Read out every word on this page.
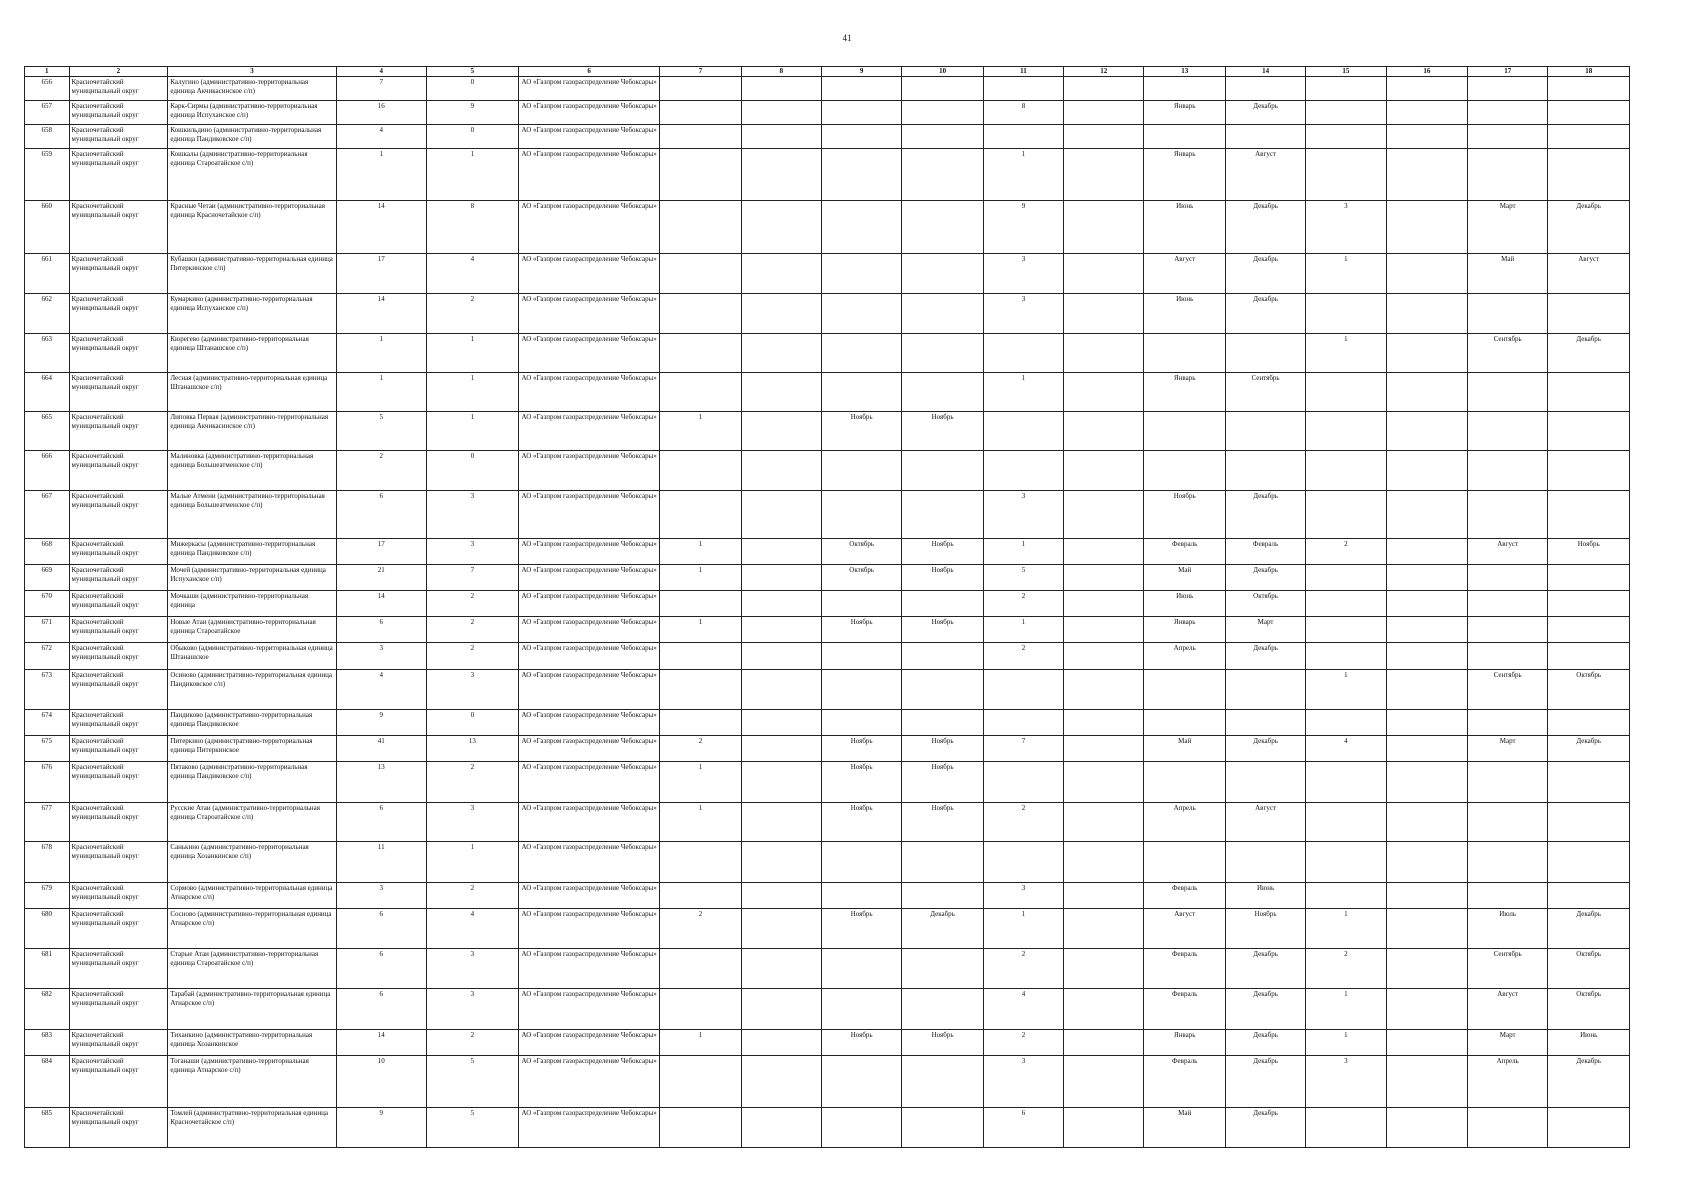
41
1	2	3	4	5	6	7	8	9	10	11	12	13	14	15	16	17	18
656	Красночетайский муниципальный округ	Калугино (административно-территориальная единица Акчикасинское с/п)	7	0	АО «Газпром газораспределение Чебоксары»												
657	Красночетайский муниципальный округ	Карк-Сирмы (административно-территориальная единица Испуханское с/п)	16	9	АО «Газпром газораспределение Чебоксары»					8		Январь	Декабрь				
658	Красночетайский муниципальный округ	Кошкильдино (административно-территориальная единица Пандиковское с/п)	4	0	АО «Газпром газораспределение Чебоксары»												
659	Красночетайский муниципальный округ	Кошкалы (административно-территориальная единица Староатайское с/п)	1	1	АО «Газпром газораспределение Чебоксары»					1		Январь	Август				
660	Красночетайский муниципальный округ	Красные Четаи (административно-территориальная единица Красночетайское с/п)	14	8	АО «Газпром газораспределение Чебоксары»					9		Июнь	Декабрь	3		Март	Декабрь
661	Красночетайский муниципальный округ	Кубашки (административно-территориальная единица Питеркинское с/п)	17	4	АО «Газпром газораспределение Чебоксары»					3		Август	Декабрь	1		Май	Август
662	Красночетайский муниципальный округ	Кумаркино (административно-территориальная единица Испуханское с/п)	14	2	АО «Газпром газораспределение Чебоксары»					3		Июнь	Декабрь				
663	Красночетайский муниципальный округ	Кюрегево (административно-территориальная единица Штанашское с/п)	1	1	АО «Газпром газораспределение Чебоксары»									1		Сентябрь	Декабрь
664	Красночетайский муниципальный округ	Лесная (административно-территориальная единица Штанашское с/п)	1	1	АО «Газпром газораспределение Чебоксары»					1		Январь	Сентябрь				
665	Красночетайский муниципальный округ	Липовка Первая (административно-территориальная единица Акчикасинское с/п)	5	1	АО «Газпром газораспределение Чебоксары»	1		Ноябрь	Ноябрь								
666	Красночетайский муниципальный округ	Малиновка (административно-территориальная единица Большеатменское с/п)	2	0	АО «Газпром газораспределение Чебоксары»												
667	Красночетайский муниципальный округ	Малые Атмени (административно-территориальная единица Большеатменское с/п)	6	3	АО «Газпром газораспределение Чебоксары»					3		Ноябрь	Декабрь				
668	Красночетайский муниципальный округ	Мижеркасы (административно-территориальная единица Пандиковское с/п)	17	3	АО «Газпром газораспределение Чебоксары»	1		Октябрь	Ноябрь	1		Февраль	Февраль	2		Август	Ноябрь
669	Красночетайский муниципальный округ	Мочей (административно-территориальная единица Испуханское с/п)	21	7	АО «Газпром газораспределение Чебоксары»	1		Октябрь	Ноябрь	5		Май	Декабрь				
670	Красночетайский муниципальный округ	Мочкаши (административно-территориальная единица	14	2	АО «Газпром газораспределение Чебоксары»					2		Июнь	Октябрь				
671	Красночетайский муниципальный округ	Новые Атаи (административно-территориальная единица Староатайское	6	2	АО «Газпром газораспределение Чебоксары»	1		Ноябрь	Ноябрь	1		Январь	Март				
672	Красночетайский муниципальный округ	Обыково (административно-территориальная единица Штанашское	3	2	АО «Газпром газораспределение Чебоксары»					2		Апрель	Декабрь				
673	Красночетайский муниципальный округ	Осиново (административно-территориальная единица Пандиковское с/п)	4	3	АО «Газпром газораспределение Чебоксары»									1		Сентябрь	Октябрь
674	Красночетайский муниципальный округ	Пандиково (административно-территориальная единица Пандиковское	9	0	АО «Газпром газораспределение Чебоксары»												
675	Красночетайский муниципальный округ	Питеркино (административно-территориальная единица Питеркинское	41	13	АО «Газпром газораспределение Чебоксары»	2		Ноябрь	Ноябрь	7		Май	Декабрь	4		Март	Декабрь
676	Красночетайский муниципальный округ	Пятаково (административно-территориальная единица Пандиковское с/п)	13	2	АО «Газпром газораспределение Чебоксары»	1		Ноябрь	Ноябрь								
677	Красночетайский муниципальный округ	Русские Атаи (административно-территориальная единица Староатайское с/п)	6	3	АО «Газпром газораспределение Чебоксары»	1		Ноябрь	Ноябрь	2		Апрель	Август				
678	Красночетайский муниципальный округ	Санькино (административно-территориальная единица Хозанкинское с/п)	11	1	АО «Газпром газораспределение Чебоксары»												
679	Красночетайский муниципальный округ	Сормово (административно-территориальная единица Атнарское с/п)	3	2	АО «Газпром газораспределение Чебоксары»					3		Февраль	Июнь				
680	Красночетайский муниципальный округ	Сосново (административно-территориальная единица Атнарское с/п)	6	4	АО «Газпром газораспределение Чебоксары»	2		Ноябрь	Декабрь	1		Август	Ноябрь	1		Июль	Декабрь
681	Красночетайский муниципальный округ	Старые Атаи (административно-территориальная единица Староатайское с/п)	6	3	АО «Газпром газораспределение Чебоксары»					2		Февраль	Декабрь	2		Сентябрь	Октябрь
682	Красночетайский муниципальный округ	Тарабай (административно-территориальная единица Атнарское с/п)	6	3	АО «Газпром газораспределение Чебоксары»					4		Февраль	Декабрь	1		Август	Октябрь
683	Красночетайский муниципальный округ	Тиханкино (административно-территориальная единица Хозанкинское	14	2	АО «Газпром газораспределение Чебоксары»	1		Ноябрь	Ноябрь	2		Январь	Декабрь	1		Март	Июнь
684	Красночетайский муниципальный округ	Тоганаши (административно-территориальная единица Атнарское с/п)	10	5	АО «Газпром газораспределение Чебоксары»					3		Февраль	Декабрь	3		Апрель	Декабрь
685	Красночетайский муниципальный округ	Томлей (административно-территориальная единица Красночетайское с/п)	9	5	АО «Газпром газораспределение Чебоксары»					6		Май	Декабрь				
